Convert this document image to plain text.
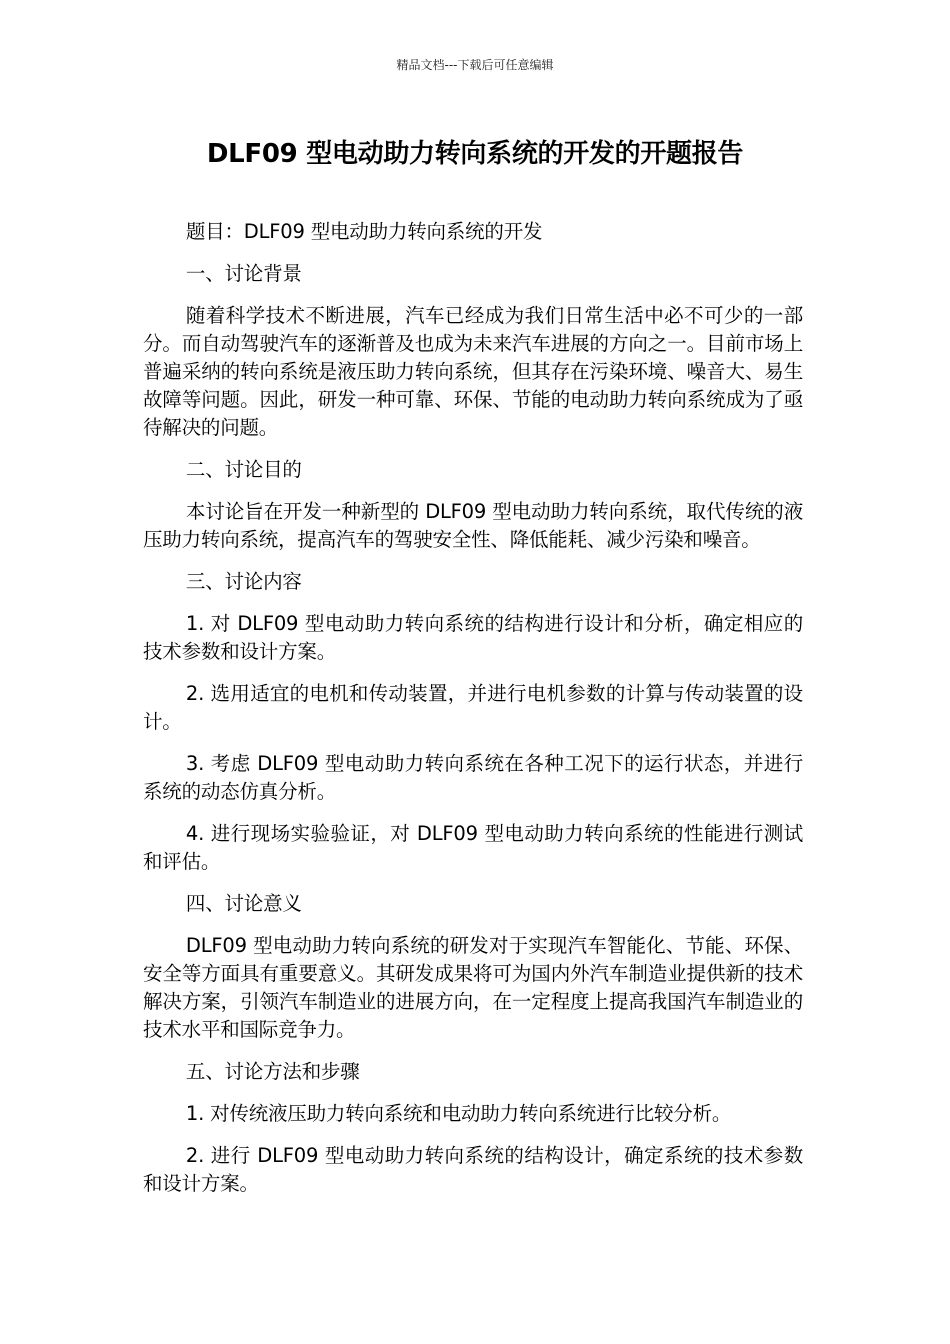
精品文档---下载后可任意编辑
DLF09 型电动助力转向系统的开发的开题报告

题目：DLF09 型电动助力转向系统的开发

一、讨论背景

随着科学技术不断进展，汽车已经成为我们日常生活中必不可少的一部分。而自动驾驶汽车的逐渐普及也成为未来汽车进展的方向之一。目前市场上普遍采纳的转向系统是液压助力转向系统，但其存在污染环境、噪音大、易生故障等问题。因此，研发一种可靠、环保、节能的电动助力转向系统成为了亟待解决的问题。

二、讨论目的

本讨论旨在开发一种新型的 DLF09 型电动助力转向系统，取代传统的液压助力转向系统，提高汽车的驾驶安全性、降低能耗、减少污染和噪音。

三、讨论内容

1. 对 DLF09 型电动助力转向系统的结构进行设计和分析，确定相应的技术参数和设计方案。

2. 选用适宜的电机和传动装置，并进行电机参数的计算与传动装置的设计。

3. 考虑 DLF09 型电动助力转向系统在各种工况下的运行状态，并进行系统的动态仿真分析。

4. 进行现场实验验证，对 DLF09 型电动助力转向系统的性能进行测试和评估。

四、讨论意义

DLF09 型电动助力转向系统的研发对于实现汽车智能化、节能、环保、安全等方面具有重要意义。其研发成果将可为国内外汽车制造业提供新的技术解决方案，引领汽车制造业的进展方向，在一定程度上提高我国汽车制造业的技术水平和国际竞争力。

五、讨论方法和步骤

1. 对传统液压助力转向系统和电动助力转向系统进行比较分析。

2. 进行 DLF09 型电动助力转向系统的结构设计，确定系统的技术参数和设计方案。
